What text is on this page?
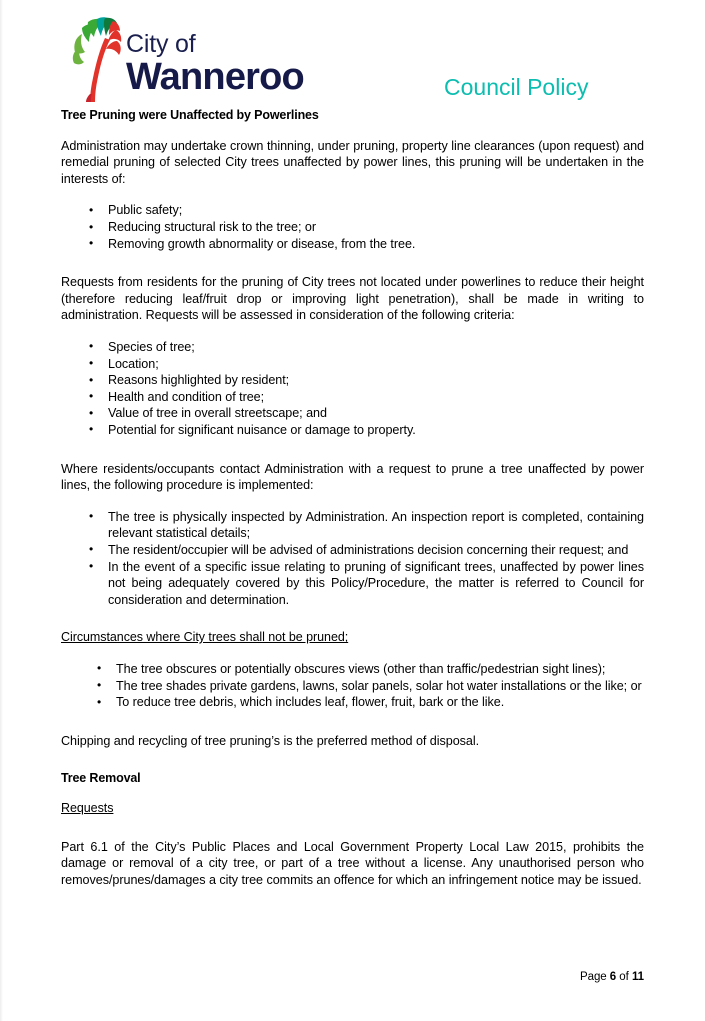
City of
Wanneroo	Council Policy
Tree Pruning were Unaffected by Powerlines

Administration may undertake crown thinning, under pruning, property line clearances (upon request) and remedial pruning of selected City trees unaffected by power lines, this pruning will be undertaken in the interests of:

• Public safety;
• Reducing structural risk to the tree; or
• Removing growth abnormality or disease, from the tree.

Requests from residents for the pruning of City trees not located under powerlines to reduce their height (therefore reducing leaf/fruit drop or improving light penetration), shall be made in writing to administration. Requests will be assessed in consideration of the following criteria:

• Species of tree;
• Location;
• Reasons highlighted by resident;
• Health and condition of tree;
• Value of tree in overall streetscape; and
• Potential for significant nuisance or damage to property.

Where residents/occupants contact Administration with a request to prune a tree unaffected by power lines, the following procedure is implemented:

• The tree is physically inspected by Administration. An inspection report is completed, containing relevant statistical details;
• The resident/occupier will be advised of administrations decision concerning their request; and
• In the event of a specific issue relating to pruning of significant trees, unaffected by power lines not being adequately covered by this Policy/Procedure, the matter is referred to Council for consideration and determination.
Circumstances where City trees shall not be pruned;
• The tree obscures or potentially obscures views (other than traffic/pedestrian sight lines);
• The tree shades private gardens, lawns, solar panels, solar hot water installations or the like; or
• To reduce tree debris, which includes leaf, flower, fruit, bark or the like.

Chipping and recycling of tree pruning’s is the preferred method of disposal.

Tree Removal
Requests

Part 6.1 of the City’s Public Places and Local Government Property Local Law 2015, prohibits the damage or removal of a city tree, or part of a tree without a license. Any unauthorised person who removes/prunes/damages a city tree commits an offence for which an infringement notice may be issued.

Page 6 of 11
